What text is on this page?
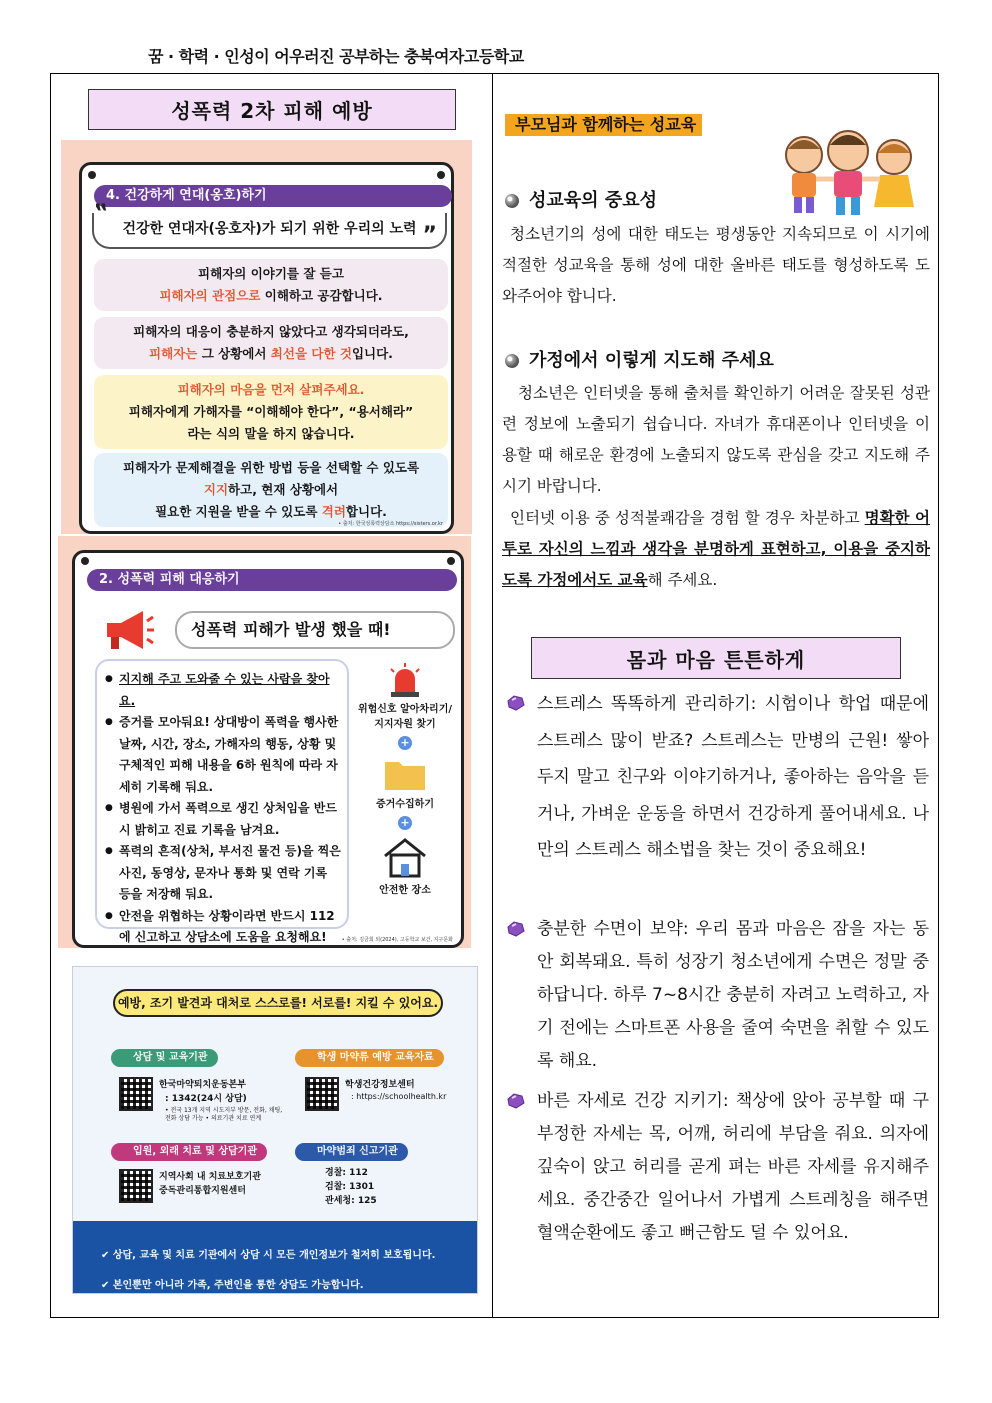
꿈 · 학력 · 인성이 어우러진 공부하는 충북여자고등학교
성폭력 2차 피해 예방
4. 건강하게 연대(옹호)하기
‟
건강한 연대자(옹호자)가 되기 위한 우리의 노력 ”
피해자의 이야기를 잘 듣고
피해자의 관점으로 이해하고 공감합니다.
피해자의 대응이 충분하지 않았다고 생각되더라도,
피해자는 그 상황에서 최선을 다한 것입니다.
피해자의 마음을 먼저 살펴주세요.
피해자에게 가해자를 “이해해야 한다”, “용서해라”
라는 식의 말을 하지 않습니다.
피해자가 문제해결을 위한 방법 등을 선택할 수 있도록
지지하고, 현재 상황에서
필요한 지원을 받을 수 있도록 격려합니다.
• 출처: 한국성폭력상담소 https://sisters.or.kr
2. 성폭력 피해 대응하기
성폭력 피해가 발생 했을 때!
● 지지해 주고 도와줄 수 있는 사람을 찾아요.
● 증거를 모아둬요! 상대방이 폭력을 행사한 날짜, 시간, 장소, 가해자의 행동, 상황 및 구체적인 피해 내용을 6하 원칙에 따라 자세히 기록해 둬요.
● 병원에 가서 폭력으로 생긴 상처임을 반드시 밝히고 진료 기록을 남겨요.
● 폭력의 흔적(상처, 부서진 물건 등)을 찍은 사진, 동영상, 문자나 통화 및 연락 기록 등을 저장해 둬요.
● 안전을 위협하는 상황이라면 반드시 112에 신고하고 상담소에 도움을 요청해요!
위험신호 알아차리기/ 지지자원 찾기
+
증거수집하기
+
안전한 장소
• 출처: 김금희 외(2024), 고등학교 보건, 지구문화
예방, 조기 발견과 대처로 스스로를! 서로를! 지킬 수 있어요.
상담 및 교육기관
한국마약퇴치운동본부
: 1342(24시 상담)
• 전국 13개 지역 시도지부 방문, 전화, 채팅, 전화 상담 가능 • 의료기관 치료 연계
학생 마약류 예방 교육자료
학생건강정보센터
: https://schoolhealth.kr
입원, 외래 치료 및 상담기관
지역사회 내 치료보호기관
중독관리통합지원센터
마약범죄 신고기관
경찰: 112
검찰: 1301
관세청: 125
✔ 상담, 교육 및 치료 기관에서 상담 시 모든 개인정보가 철저히 보호됩니다.
✔ 본인뿐만 아니라 가족, 주변인을 통한 상담도 가능합니다.
부모님과 함께하는 성교육
성교육의 중요성
청소년기의 성에 대한 태도는 평생동안 지속되므로 이 시기에 적절한 성교육을 통해 성에 대한 올바른 태도를 형성하도록 도와주어야 합니다.
가정에서 이렇게 지도해 주세요
청소년은 인터넷을 통해 출처를 확인하기 어려운 잘못된 성관련 정보에 노출되기 쉽습니다. 자녀가 휴대폰이나 인터넷을 이용할 때 해로운 환경에 노출되지 않도록 관심을 갖고 지도해 주시기 바랍니다.
인터넷 이용 중 성적불쾌감을 경험 할 경우 차분하고 명확한 어투로 자신의 느낌과 생각을 분명하게 표현하고, 이용을 중지하도록 가정에서도 교육해 주세요.
몸과 마음 튼튼하게
스트레스 똑똑하게 관리하기: 시험이나 학업 때문에 스트레스 많이 받죠? 스트레스는 만병의 근원! 쌓아두지 말고 친구와 이야기하거나, 좋아하는 음악을 듣거나, 가벼운 운동을 하면서 건강하게 풀어내세요. 나만의 스트레스 해소법을 찾는 것이 중요해요!
충분한 수면이 보약: 우리 몸과 마음은 잠을 자는 동안 회복돼요. 특히 성장기 청소년에게 수면은 정말 중 하답니다. 하루 7~8시간 충분히 자려고 노력하고, 자기 전에는 스마트폰 사용을 줄여 숙면을 취할 수 있도록 해요.
바른 자세로 건강 지키기: 책상에 앉아 공부할 때 구부정한 자세는 목, 어깨, 허리에 부담을 줘요. 의자에 깊숙이 앉고 허리를 곧게 펴는 바른 자세를 유지해주세요. 중간중간 일어나서 가볍게 스트레칭을 해주면 혈액순환에도 좋고 뻐근함도 덜 수 있어요.
